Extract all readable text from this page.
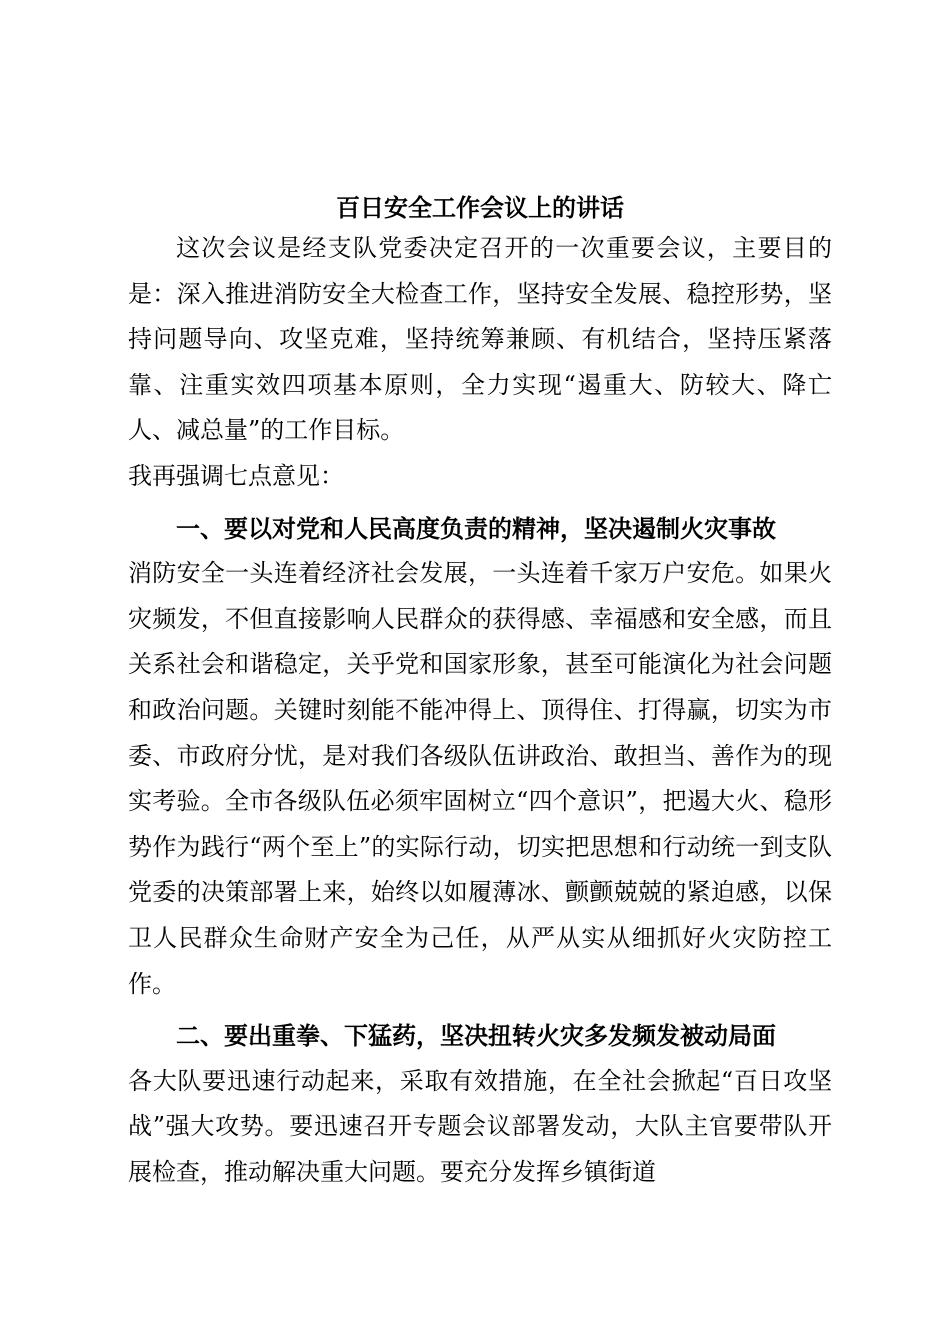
百日安全工作会议上的讲话

这次会议是经支队党委决定召开的一次重要会议，主要目的是：深入推进消防安全大检查工作，坚持安全发展、稳控形势，坚持问题导向、攻坚克难，坚持统筹兼顾、有机结合，坚持压紧落靠、注重实效四项基本原则，全力实现“遏重大、防较大、降亡人、减总量”的工作目标。

我再强调七点意见：

一、要以对党和人民高度负责的精神，坚决遏制火灾事故

消防安全一头连着经济社会发展，一头连着千家万户安危。如果火灾频发，不但直接影响人民群众的获得感、幸福感和安全感，而且关系社会和谐稳定，关乎党和国家形象，甚至可能演化为社会问题和政治问题。关键时刻能不能冲得上、顶得住、打得赢，切实为市委、市政府分忧，是对我们各级队伍讲政治、敢担当、善作为的现实考验。全市各级队伍必须牢固树立“四个意识”，把遏大火、稳形势作为践行“两个至上”的实际行动，切实把思想和行动统一到支队党委的决策部署上来，始终以如履薄冰、颤颤兢兢的紧迫感，以保卫人民群众生命财产安全为己任，从严从实从细抓好火灾防控工作。

二、要出重拳、下猛药，坚决扭转火灾多发频发被动局面

各大队要迅速行动起来，采取有效措施，在全社会掀起“百日攻坚战”强大攻势。要迅速召开专题会议部署发动，大队主官要带队开展检查，推动解决重大问题。要充分发挥乡镇街道
